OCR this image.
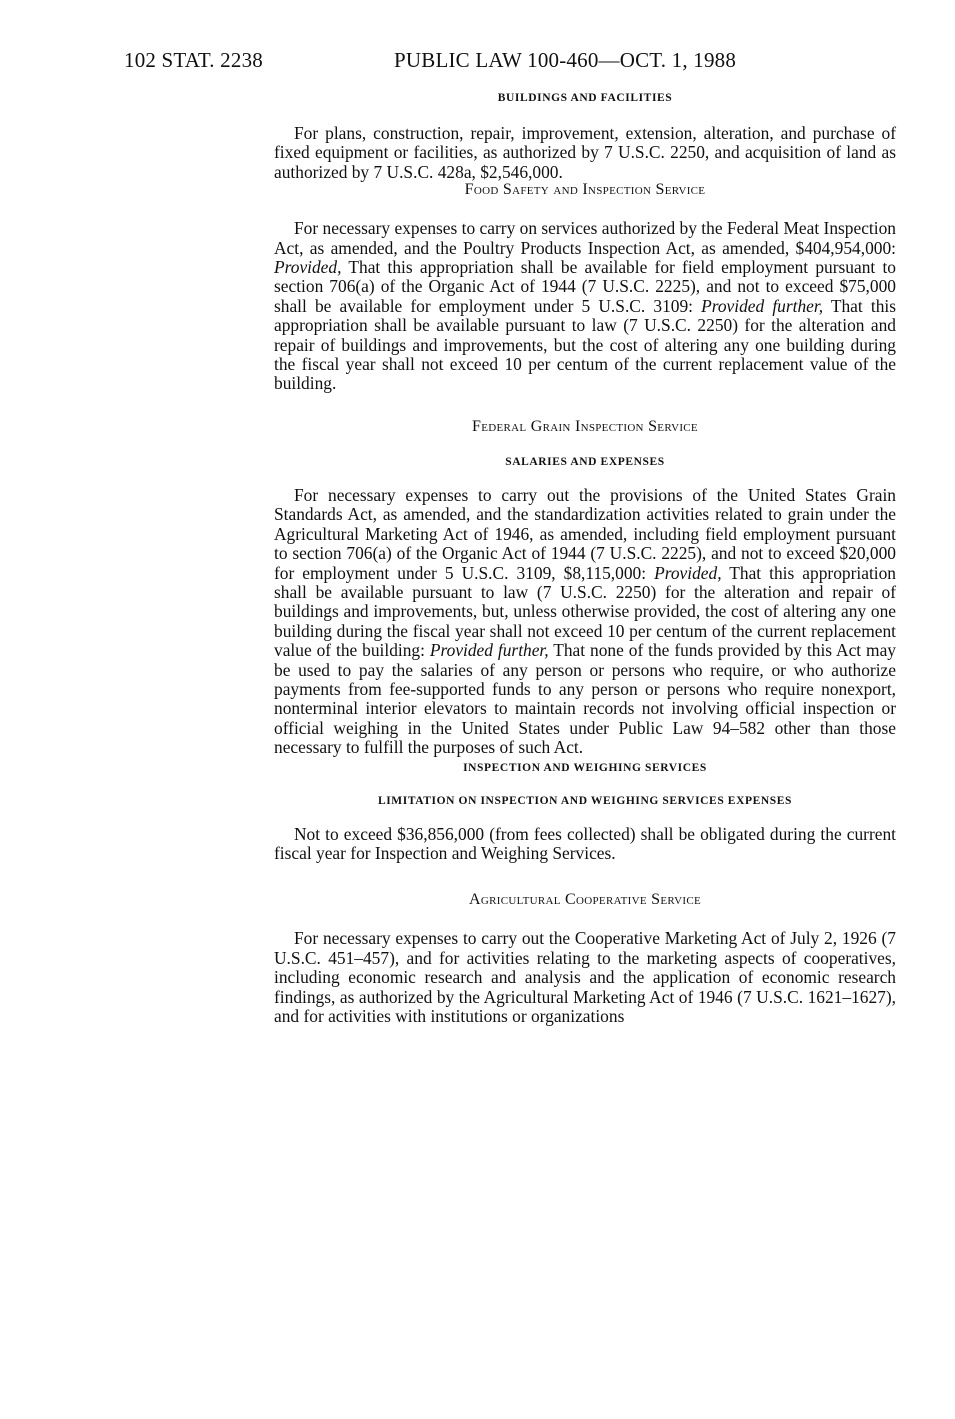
102 STAT. 2238	PUBLIC LAW 100-460—OCT. 1, 1988

BUILDINGS AND FACILITIES

For plans, construction, repair, improvement, extension, alteration, and purchase of fixed equipment or facilities, as authorized by 7 U.S.C. 2250, and acquisition of land as authorized by 7 U.S.C. 428a, $2,546,000.

Food Safety and Inspection Service

For necessary expenses to carry on services authorized by the Federal Meat Inspection Act, as amended, and the Poultry Products Inspection Act, as amended, $404,954,000: Provided, That this appropriation shall be available for field employment pursuant to section 706(a) of the Organic Act of 1944 (7 U.S.C. 2225), and not to exceed $75,000 shall be available for employment under 5 U.S.C. 3109: Provided further, That this appropriation shall be available pursuant to law (7 U.S.C. 2250) for the alteration and repair of buildings and improvements, but the cost of altering any one building during the fiscal year shall not exceed 10 per centum of the current replacement value of the building.

Federal Grain Inspection Service

SALARIES AND EXPENSES

For necessary expenses to carry out the provisions of the United States Grain Standards Act, as amended, and the standardization activities related to grain under the Agricultural Marketing Act of 1946, as amended, including field employment pursuant to section 706(a) of the Organic Act of 1944 (7 U.S.C. 2225), and not to exceed $20,000 for employment under 5 U.S.C. 3109, $8,115,000: Provided, That this appropriation shall be available pursuant to law (7 U.S.C. 2250) for the alteration and repair of buildings and improvements, but, unless otherwise provided, the cost of altering any one building during the fiscal year shall not exceed 10 per centum of the current replacement value of the building: Provided further, That none of the funds provided by this Act may be used to pay the salaries of any person or persons who require, or who authorize payments from fee-supported funds to any person or persons who require nonexport, nonterminal interior elevators to maintain records not involving official inspection or official weighing in the United States under Public Law 94–582 other than those necessary to fulfill the purposes of such Act.

INSPECTION AND WEIGHING SERVICES

LIMITATION ON INSPECTION AND WEIGHING SERVICES EXPENSES

Not to exceed $36,856,000 (from fees collected) shall be obligated during the current fiscal year for Inspection and Weighing Services.

Agricultural Cooperative Service

For necessary expenses to carry out the Cooperative Marketing Act of July 2, 1926 (7 U.S.C. 451–457), and for activities relating to the marketing aspects of cooperatives, including economic research and analysis and the application of economic research findings, as authorized by the Agricultural Marketing Act of 1946 (7 U.S.C. 1621–1627), and for activities with institutions or organizations
